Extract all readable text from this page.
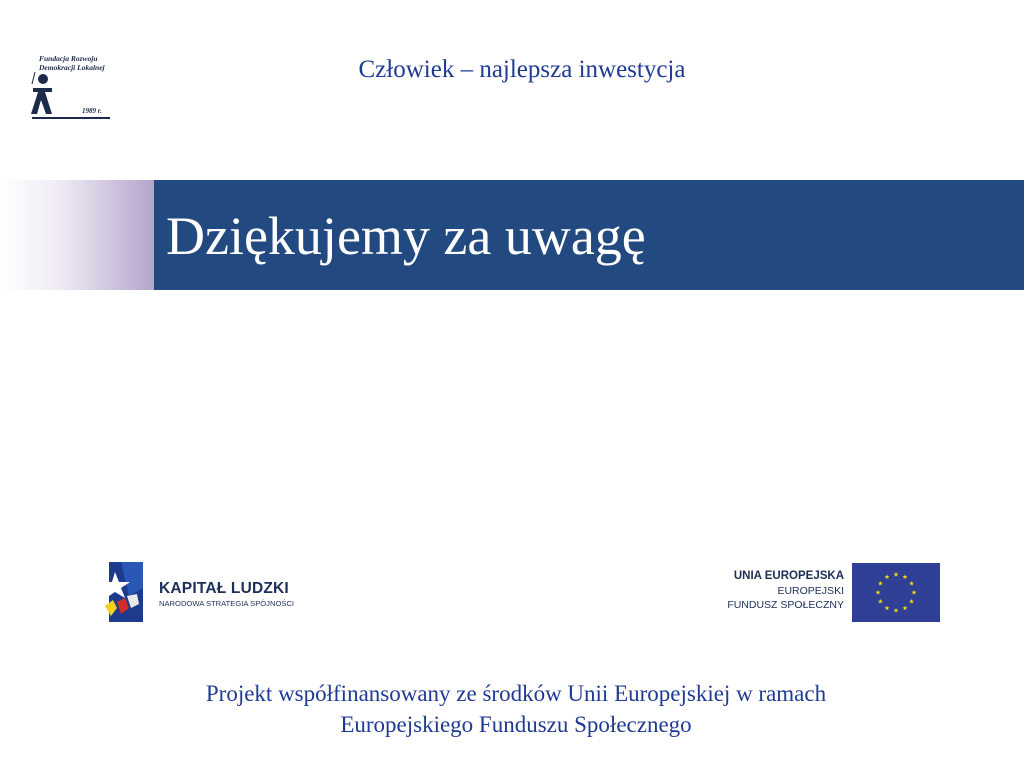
Fundacja Rozwoju
Demokracji Lokalnej
1989 r.
Człowiek – najlepsza inwestycja
Dziękujemy za uwagę
KAPITAŁ LUDZKI
NARODOWA STRATEGIA SPÓJNOŚCI
UNIA EUROPEJSKA
EUROPEJSKI
FUNDUSZ SPOŁECZNY
Projekt współfinansowany ze środków Unii Europejskiej w ramach
Europejskiego Funduszu Społecznego
